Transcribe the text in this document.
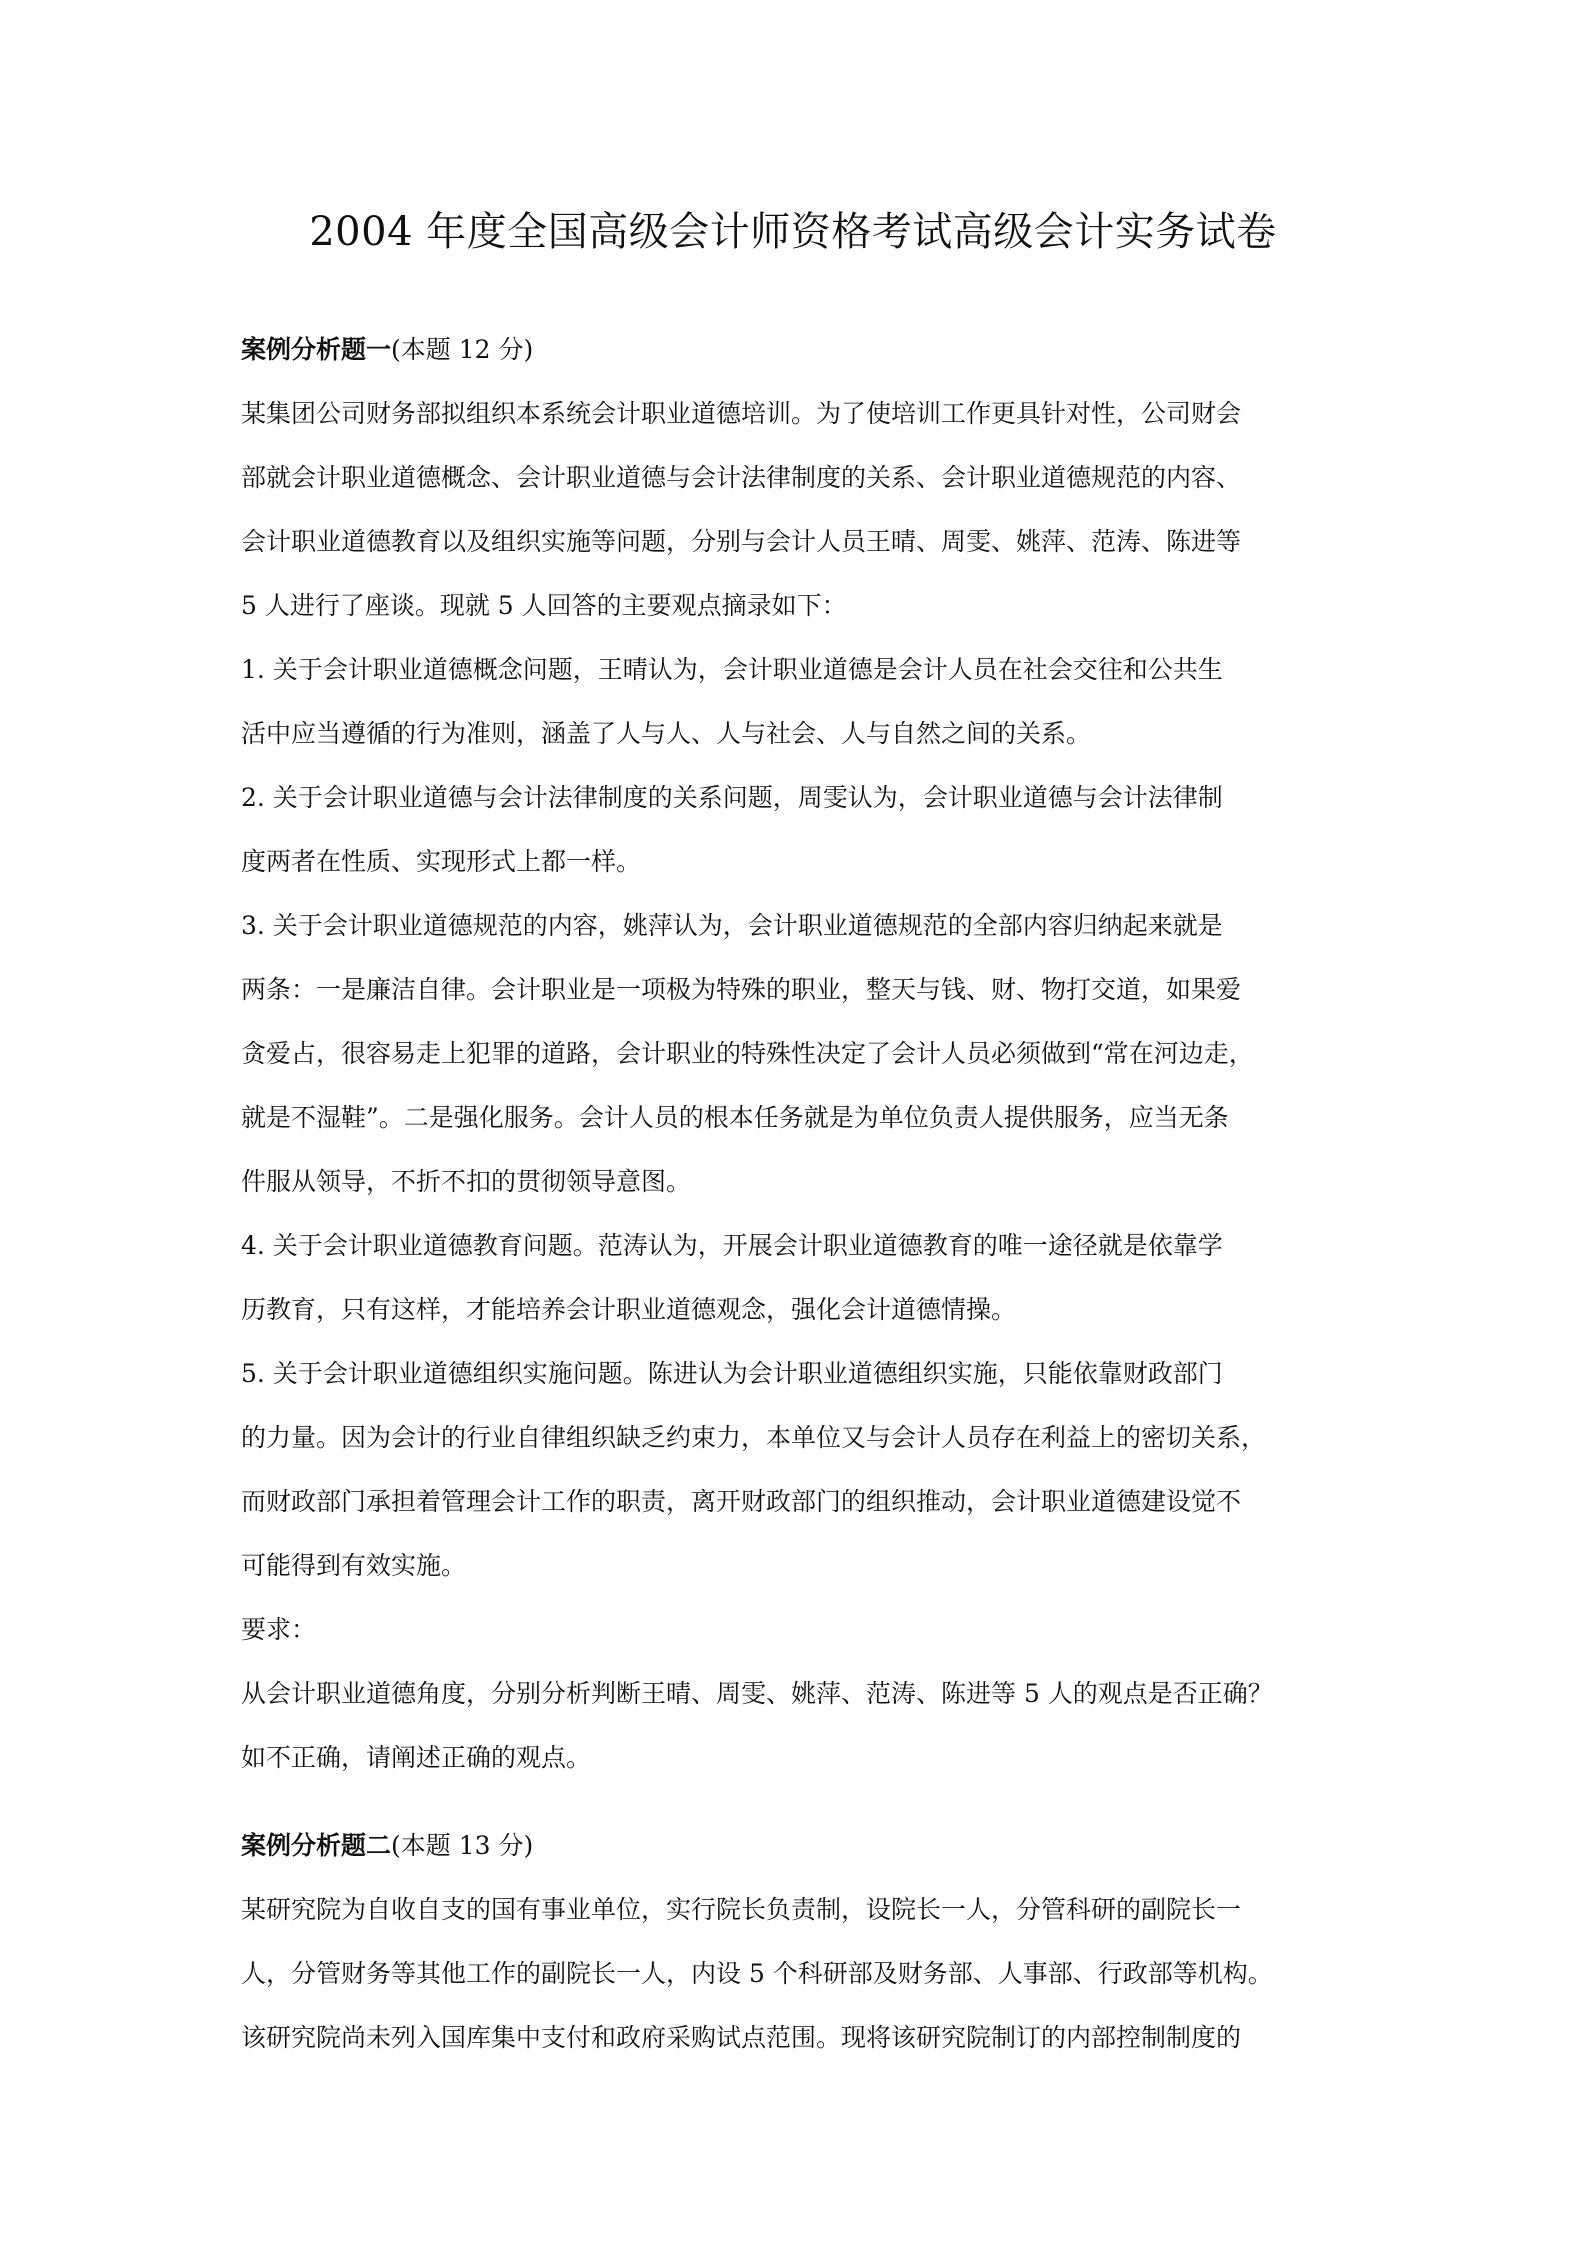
2004 年度全国高级会计师资格考试高级会计实务试卷
案例分析题一(本题 12 分)
某集团公司财务部拟组织本系统会计职业道德培训。为了使培训工作更具针对性，公司财会
部就会计职业道德概念、会计职业道德与会计法律制度的关系、会计职业道德规范的内容、
会计职业道德教育以及组织实施等问题，分别与会计人员王晴、周雯、姚萍、范涛、陈进等
5 人进行了座谈。现就 5 人回答的主要观点摘录如下：
1. 关于会计职业道德概念问题，王晴认为，会计职业道德是会计人员在社会交往和公共生
活中应当遵循的行为准则，涵盖了人与人、人与社会、人与自然之间的关系。
2. 关于会计职业道德与会计法律制度的关系问题，周雯认为，会计职业道德与会计法律制
度两者在性质、实现形式上都一样。
3. 关于会计职业道德规范的内容，姚萍认为，会计职业道德规范的全部内容归纳起来就是
两条：一是廉洁自律。会计职业是一项极为特殊的职业，整天与钱、财、物打交道，如果爱
贪爱占，很容易走上犯罪的道路，会计职业的特殊性决定了会计人员必须做到“常在河边走，
就是不湿鞋”。二是强化服务。会计人员的根本任务就是为单位负责人提供服务，应当无条
件服从领导，不折不扣的贯彻领导意图。
4. 关于会计职业道德教育问题。范涛认为，开展会计职业道德教育的唯一途径就是依靠学
历教育，只有这样，才能培养会计职业道德观念，强化会计道德情操。
5. 关于会计职业道德组织实施问题。陈进认为会计职业道德组织实施，只能依靠财政部门
的力量。因为会计的行业自律组织缺乏约束力，本单位又与会计人员存在利益上的密切关系，
而财政部门承担着管理会计工作的职责，离开财政部门的组织推动，会计职业道德建设觉不
可能得到有效实施。
要求：
从会计职业道德角度，分别分析判断王晴、周雯、姚萍、范涛、陈进等 5 人的观点是否正确？
如不正确，请阐述正确的观点。
案例分析题二(本题 13 分)
某研究院为自收自支的国有事业单位，实行院长负责制，设院长一人，分管科研的副院长一
人，分管财务等其他工作的副院长一人，内设 5 个科研部及财务部、人事部、行政部等机构。
该研究院尚未列入国库集中支付和政府采购试点范围。现将该研究院制订的内部控制制度的
